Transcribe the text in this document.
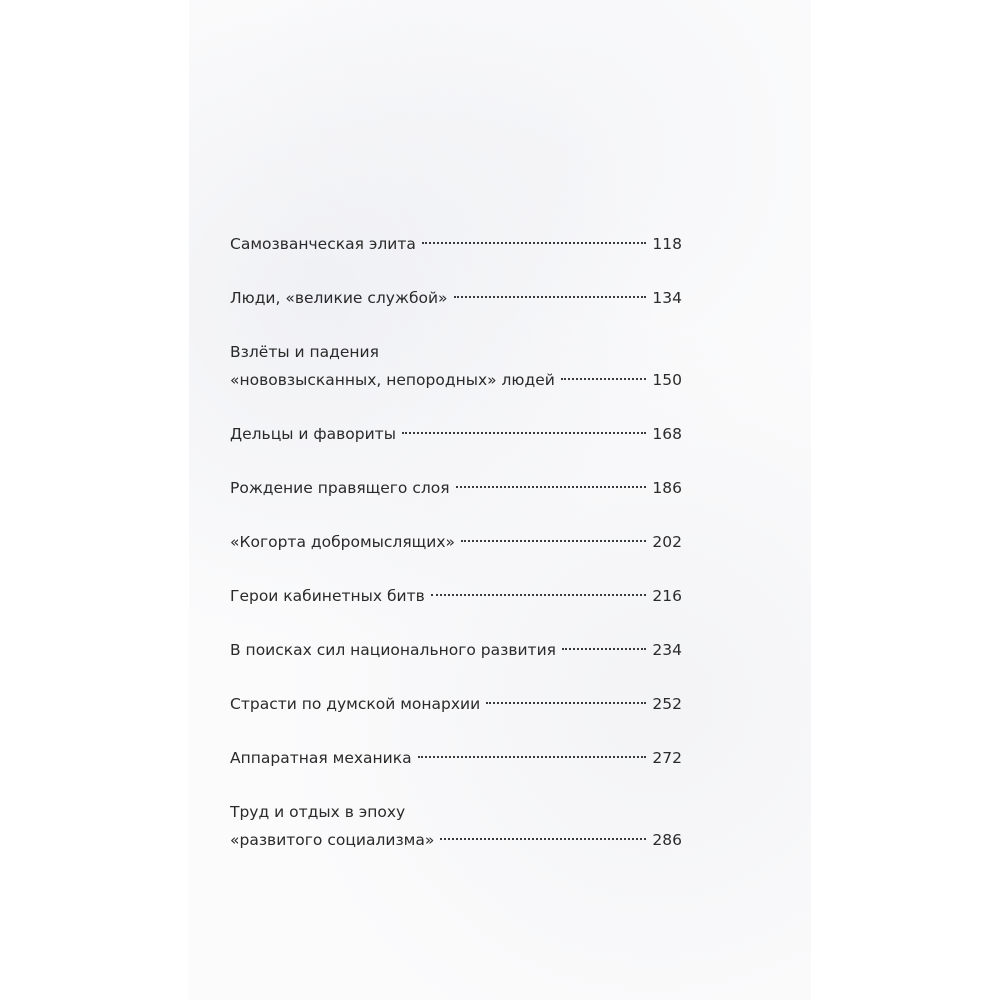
Самозванческая элита	118
Люди, «великие службой»	134
Взлёты и падения
«нововзысканных, непородных» людей	150
Дельцы и фавориты	168
Рождение правящего слоя	186
«Когорта добромыслящих»	202
Герои кабинетных битв	216
В поисках сил национального развития	234
Страсти по думской монархии	252
Аппаратная механика	272
Труд и отдых в эпоху
«развитого социализма»	286
